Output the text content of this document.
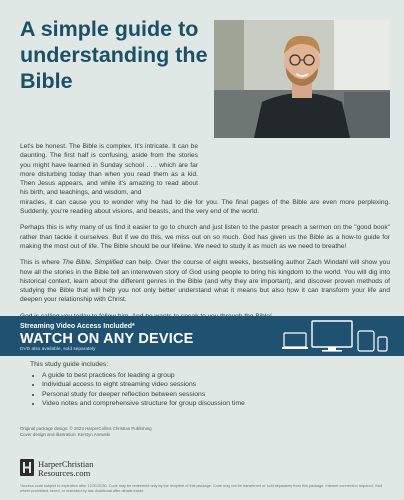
A simple guide to understanding the Bible

Let's be honest. The Bible is complex. It's intricate. It can be daunting. The first half is confusing, aside from the stories you might have learned in Sunday school . . . which are far more disturbing today than when you read them as a kid. Then Jesus appears, and while it's amazing to read about his birth, and teachings, and wisdom, and

miracles, it can cause you to wonder why he had to die for you. The final pages of the Bible are even more perplexing. Suddenly, you're reading about visions, and beasts, and the very end of the world.

Perhaps this is why many of us find it easier to go to church and just listen to the pastor preach a sermon on the "good book" rather than tackle it ourselves. But if we do this, we miss out on so much. God has given us the Bible as a how-to guide for making the most out of life. The Bible should be our lifeline. We need to study it as much as we need to breathe!

This is where The Bible, Simplified can help. Over the course of eight weeks, bestselling author Zach Windahl will show you how all the stories in the Bible tell an interwoven story of God using people to bring his kingdom to the world. You will dig into historical context, learn about the different genres in the Bible (and why they are important), and discover proven methods of studying the Bible that will help you not only better understand what it means but also how it can transform your life and deepen your relationship with Christ.

Streaming Video Access Included*
WATCH ON ANY DEVICE
DVD also available, sold separately

This study guide includes:

• A guide to best practices for leading a group
• Individual access to eight streaming video sessions
• Personal study for deeper reflection between sessions
• Video notes and comprehensive structure for group discussion time
Original package design: © 2023 HarperCollins Christian Publishing
Cover design and illustration: Kerstyn Anewski
HarperChristian
Resources.com
*Access code subject to expiration after 12/31/2030. Code may be redeemed only by the recipient of this package. Code may not be transferred or sold separately from this package. Internet connection required. Void where prohibited, taxed, or restricted by law. Additional offer details inside.
